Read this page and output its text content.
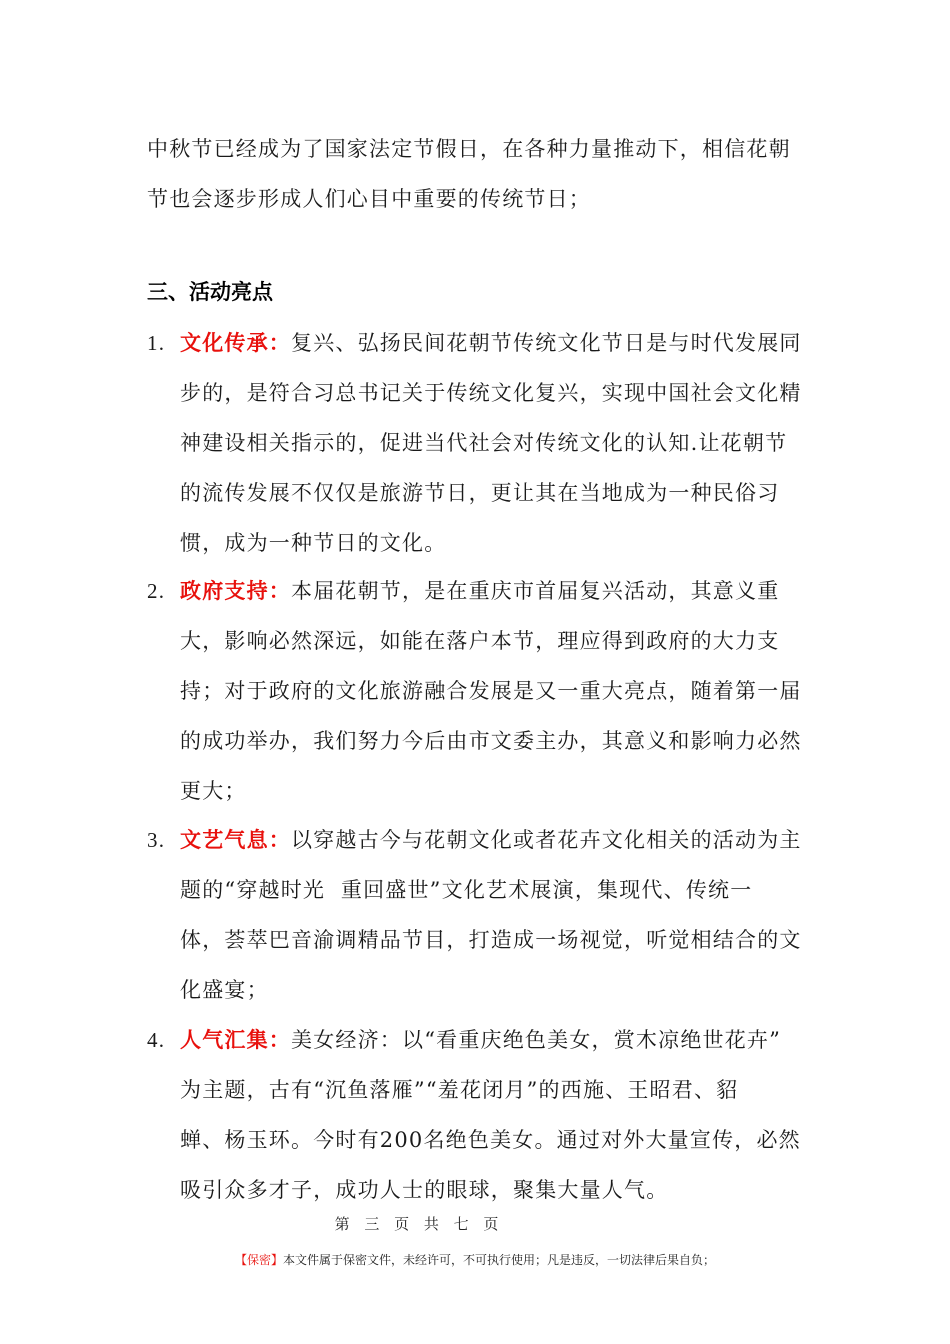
中秋节已经成为了国家法定节假日，在各种力量推动下，相信花朝

节也会逐步形成人们心目中重要的传统节日；

三、活动亮点
1. 文化传承：复兴、弘扬民间花朝节传统文化节日是与时代发展同

步的，是符合习总书记关于传统文化复兴，实现中国社会文化精

神建设相关指示的，促进当代社会对传统文化的认知.让花朝节

的流传发展不仅仅是旅游节日，更让其在当地成为一种民俗习

惯，成为一种节日的文化。

2. 政府支持：本届花朝节，是在重庆市首届复兴活动，其意义重

大，影响必然深远，如能在落户本节，理应得到政府的大力支

持；对于政府的文化旅游融合发展是又一重大亮点，随着第一届

的成功举办，我们努力今后由市文委主办，其意义和影响力必然

更大；

3. 文艺气息：以穿越古今与花朝文化或者花卉文化相关的活动为主

题的“穿越时光  重回盛世”文化艺术展演，集现代、传统一

体，荟萃巴音渝调精品节目，打造成一场视觉，听觉相结合的文

化盛宴；

4. 人气汇集：美女经济：以“看重庆绝色美女，赏木凉绝世花卉”

为主题，古有“沉鱼落雁”“羞花闭月”的西施、王昭君、貂

蝉、杨玉环。今时有200名绝色美女。通过对外大量宣传，必然

吸引众多才子，成功人士的眼球，聚集大量人气。

第 三 页 共 七 页
【保密】本文件属于保密文件，未经许可，不可执行使用；凡是违反，一切法律后果自负；
